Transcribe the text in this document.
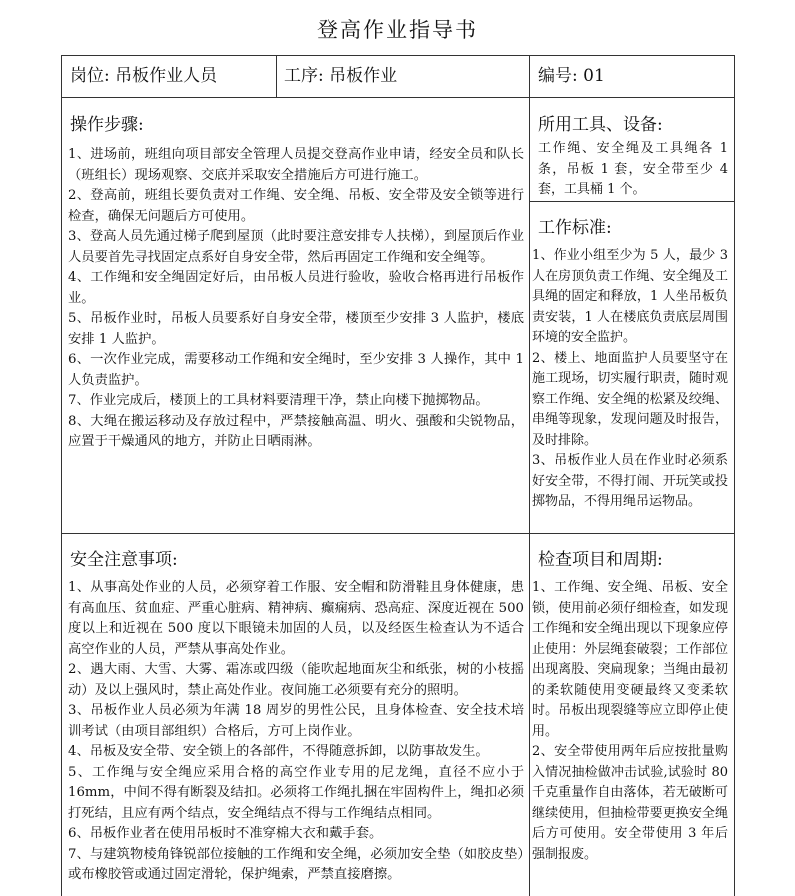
登高作业指导书
岗位: 吊板作业人员	工序: 吊板作业	编号: 01
操作步骤:

1、进场前，班组向项目部安全管理人员提交登高作业申请，经安全员和队长（班组长）现场观察、交底并采取安全措施后方可进行施工。

2、登高前，班组长要负责对工作绳、安全绳、吊板、安全带及安全锁等进行检查，确保无问题后方可使用。

3、登高人员先通过梯子爬到屋顶（此时要注意安排专人扶梯），到屋顶后作业人员要首先寻找固定点系好自身安全带，然后再固定工作绳和安全绳等。

4、工作绳和安全绳固定好后，由吊板人员进行验收，验收合格再进行吊板作业。

5、吊板作业时，吊板人员要系好自身安全带，楼顶至少安排 3 人监护，楼底安排 1 人监护。

6、一次作业完成，需要移动工作绳和安全绳时，至少安排 3 人操作，其中 1 人负责监护。

7、作业完成后，楼顶上的工具材料要清理干净，禁止向楼下抛掷物品。

8、大绳在搬运移动及存放过程中，严禁接触高温、明火、强酸和尖锐物品，应置于干燥通风的地方，并防止日晒雨淋。

所用工具、设备:
工作绳、安全绳及工具绳各 1 条，吊板 1 套，安全带至少 4 套，工具桶 1 个。
工作标准:

1、作业小组至少为 5 人，最少 3 人在房顶负责工作绳、安全绳及工具绳的固定和释放，1 人坐吊板负责安装，1 人在楼底负责底层周围环境的安全监护。

2、楼上、地面监护人员要坚守在施工现场，切实履行职责，随时观察工作绳、安全绳的松紧及绞绳、串绳等现象，发现问题及时报告，及时排除。

3、吊板作业人员在作业时必须系好安全带，不得打闹、开玩笑或投掷物品，不得用绳吊运物品。

安全注意事项:

1、从事高处作业的人员，必须穿着工作服、安全帽和防滑鞋且身体健康，患有高血压、贫血症、严重心脏病、精神病、癫痫病、恐高症、深度近视在 500 度以上和近视在 500 度以下眼镜未加固的人员，以及经医生检查认为不适合高空作业的人员，严禁从事高处作业。

2、遇大雨、大雪、大雾、霜冻或四级（能吹起地面灰尘和纸张，树的小枝摇动）及以上强风时，禁止高处作业。夜间施工必须要有充分的照明。

3、吊板作业人员必须为年满 18 周岁的男性公民，且身体检查、安全技术培训考试（由项目部组织）合格后，方可上岗作业。

4、吊板及安全带、安全锁上的各部件，不得随意拆卸，以防事故发生。

5、工作绳与安全绳应采用合格的高空作业专用的尼龙绳，直径不应小于 16mm，中间不得有断裂及结扣。必须将工作绳扎捆在牢固构件上，绳扣必须打死结，且应有两个结点，安全绳结点不得与工作绳结点相同。

6、吊板作业者在使用吊板时不准穿棉大衣和戴手套。

7、与建筑物棱角锋锐部位接触的工作绳和安全绳，必须加安全垫（如胶皮垫）或布橡胶管或通过固定滑轮，保护绳索，严禁直接磨擦。

检查项目和周期:

1、工作绳、安全绳、吊板、安全锁，使用前必须仔细检查，如发现工作绳和安全绳出现以下现象应停止使用：外层绳套破裂；工作部位出现离股、突扁现象；当绳由最初的柔软随使用变硬最终又变柔软时。吊板出现裂缝等应立即停止使用。

2、安全带使用两年后应按批量购入情况抽检做冲击试验,试验时 80 千克重量作自由落体，若无破断可继续使用，但抽检带要更换安全绳后方可使用。安全带使用 3 年后强制报废。
